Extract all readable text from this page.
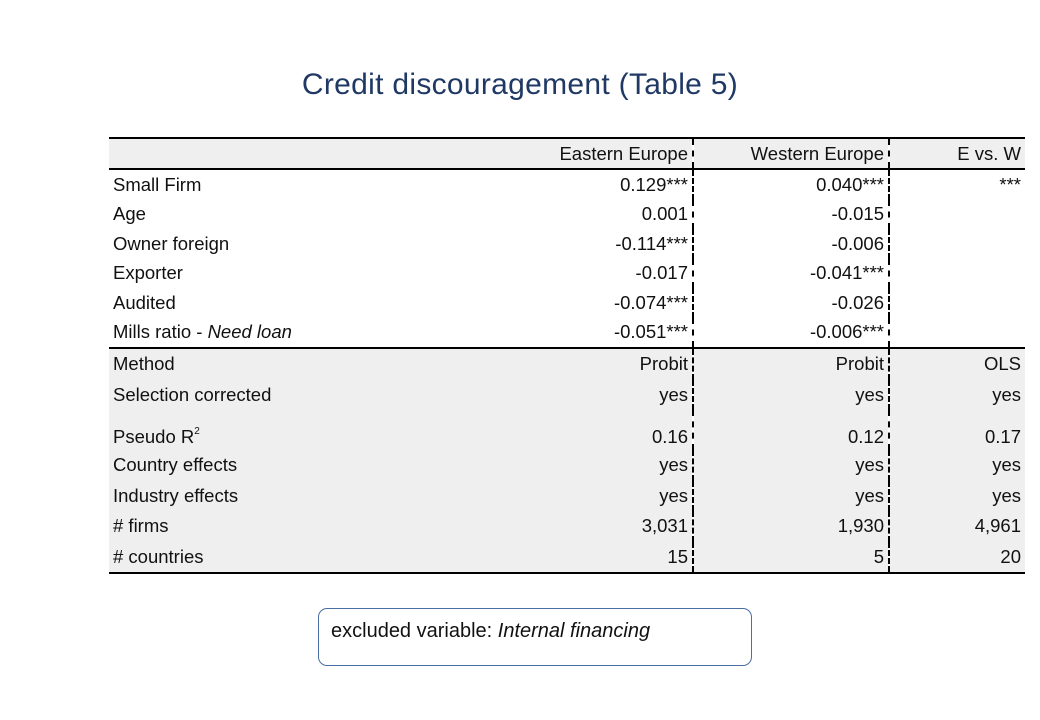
Credit discouragement (Table 5)
	Eastern Europe	Western Europe	E vs. W
Small Firm	0.129***	0.040***	***
Age	0.001	-0.015	
Owner foreign	-0.114***	-0.006	
Exporter	-0.017	-0.041***	
Audited	-0.074***	-0.026	
Mills ratio - Need loan	-0.051***	-0.006***	
Method	Probit	Probit	OLS
Selection corrected	yes	yes	yes
Pseudo $R^2$	0.16	0.12	0.17
Country effects	yes	yes	yes
Industry effects	yes	yes	yes
# firms	3,031	1,930	4,961
# countries	15	5	20
excluded variable: Internal financing
